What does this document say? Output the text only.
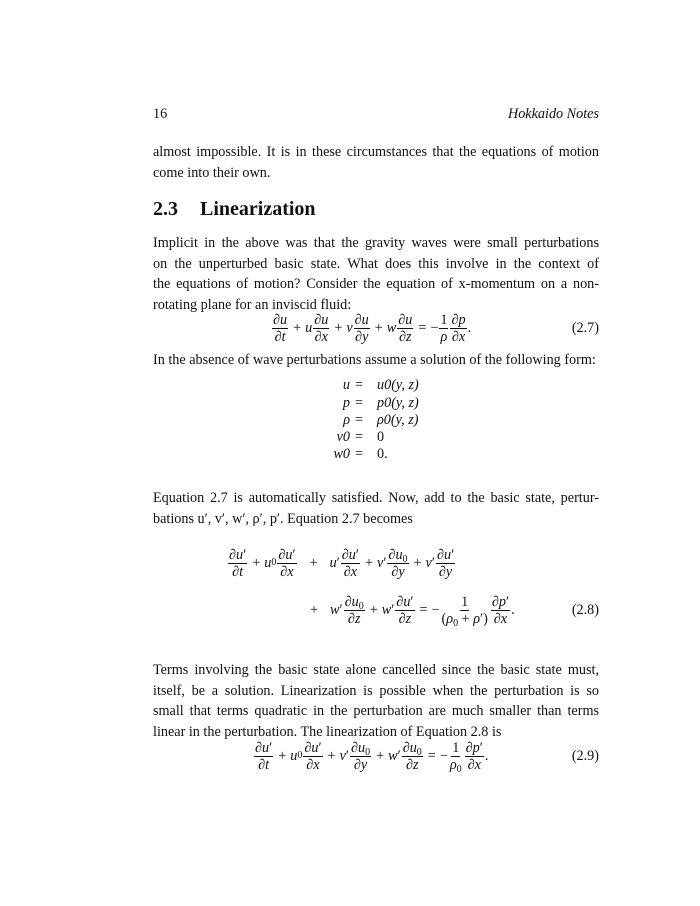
16	Hokkaido Notes
almost impossible. It is in these circumstances that the equations of motion
come into their own.
2.3 Linearization
Implicit in the above was that the gravity waves were small perturbations
on the unperturbed basic state. What does this involve in the context of
the equations of motion? Consider the equation of x-momentum on a non-
rotating plane for an inviscid fluid:
$\frac{\partial u}{\partial t} + u \frac{\partial u}{\partial x} + v \frac{\partial u}{\partial y} + w \frac{\partial u}{\partial z}$ = − $\frac{1}{\rho} \frac{\partial p}{\partial x}$ .	(2.7)
In the absence of wave perturbations assume a solution of the following form:
u = u0(y, z)
p = p0(y, z)
ρ = ρ0(y, z)
v0 = 0
w0 = 0.
Equation 2.7 is automatically satisfied. Now, add to the basic state, pertur-
bations u′, v′, w′, ρ′, p′. Equation 2.7 becomes
$\frac{\partial u'}{\partial t} + u$ $0 \frac{\partial u'}{\partial x} + u$ ′ $\frac{\partial u'}{\partial x} + v$ ′ $\frac{\partial u_0}{\partial y} + v$ ′ $\frac{\partial u'}{\partial y}$
+ w ′ $\frac{\partial u_0}{\partial z} + w$ ′ $\frac{\partial u'}{\partial z}$ = − $\frac{1}{(\rho_0 + \rho')} \frac{\partial p'}{\partial x}$ .	(2.8)
Terms involving the basic state alone cancelled since the basic state must,
itself, be a solution. Linearization is possible when the perturbation is so
small that terms quadratic in the perturbation are much smaller than terms
linear in the perturbation. The linearization of Equation 2.8 is
$\frac{\partial u'}{\partial t} + u$ $0 \frac{\partial u'}{\partial x} + v$ ′ $\frac{\partial u_0}{\partial y} + w$ ′ $\frac{\partial u_0}{\partial z}$ = − $\frac{1}{\rho_0} \frac{\partial p'}{\partial x}$ .	(2.9)
